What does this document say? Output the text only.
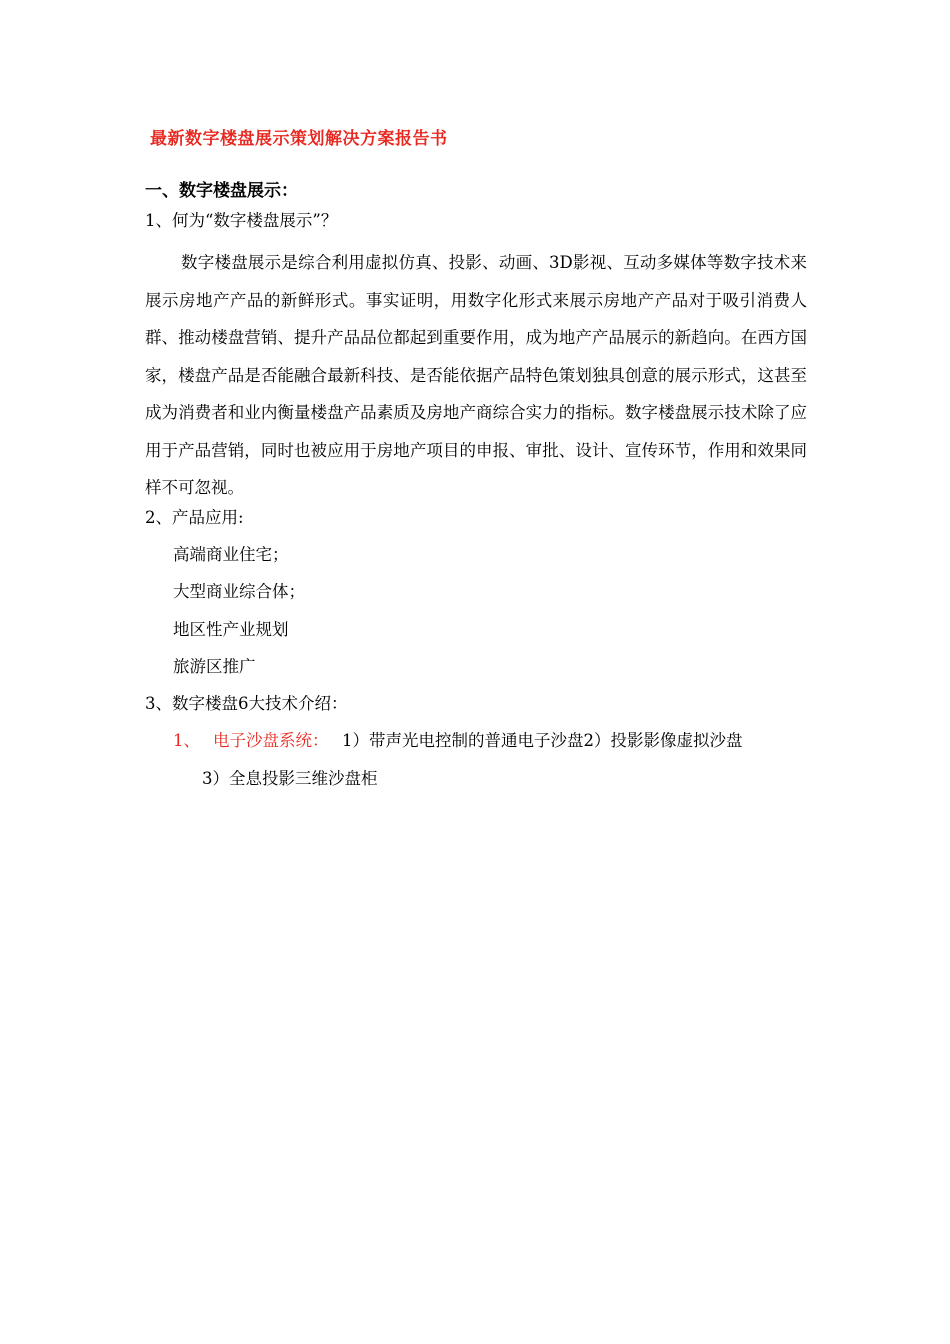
最新数字楼盘展示策划解决方案报告书
一、数字楼盘展示：
1、何为“数字楼盘展示”？
数字楼盘展示是综合利用虚拟仿真、投影、动画、3D影视、互动多媒体等数字技术来展示房地产产品的新鲜形式。事实证明，用数字化形式来展示房地产产品对于吸引消费人群、推动楼盘营销、提升产品品位都起到重要作用，成为地产产品展示的新趋向。在西方国家，楼盘产品是否能融合最新科技、是否能依据产品特色策划独具创意的展示形式，这甚至成为消费者和业内衡量楼盘产品素质及房地产商综合实力的指标。数字楼盘展示技术除了应用于产品营销，同时也被应用于房地产项目的申报、审批、设计、宣传环节，作用和效果同样不可忽视。
2、产品应用:
高端商业住宅；
大型商业综合体；
地区性产业规划
旅游区推广
3、数字楼盘6大技术介绍：
1、 电子沙盘系统： 1）带声光电控制的普通电子沙盘2）投影影像虚拟沙盘
3）全息投影三维沙盘柜
